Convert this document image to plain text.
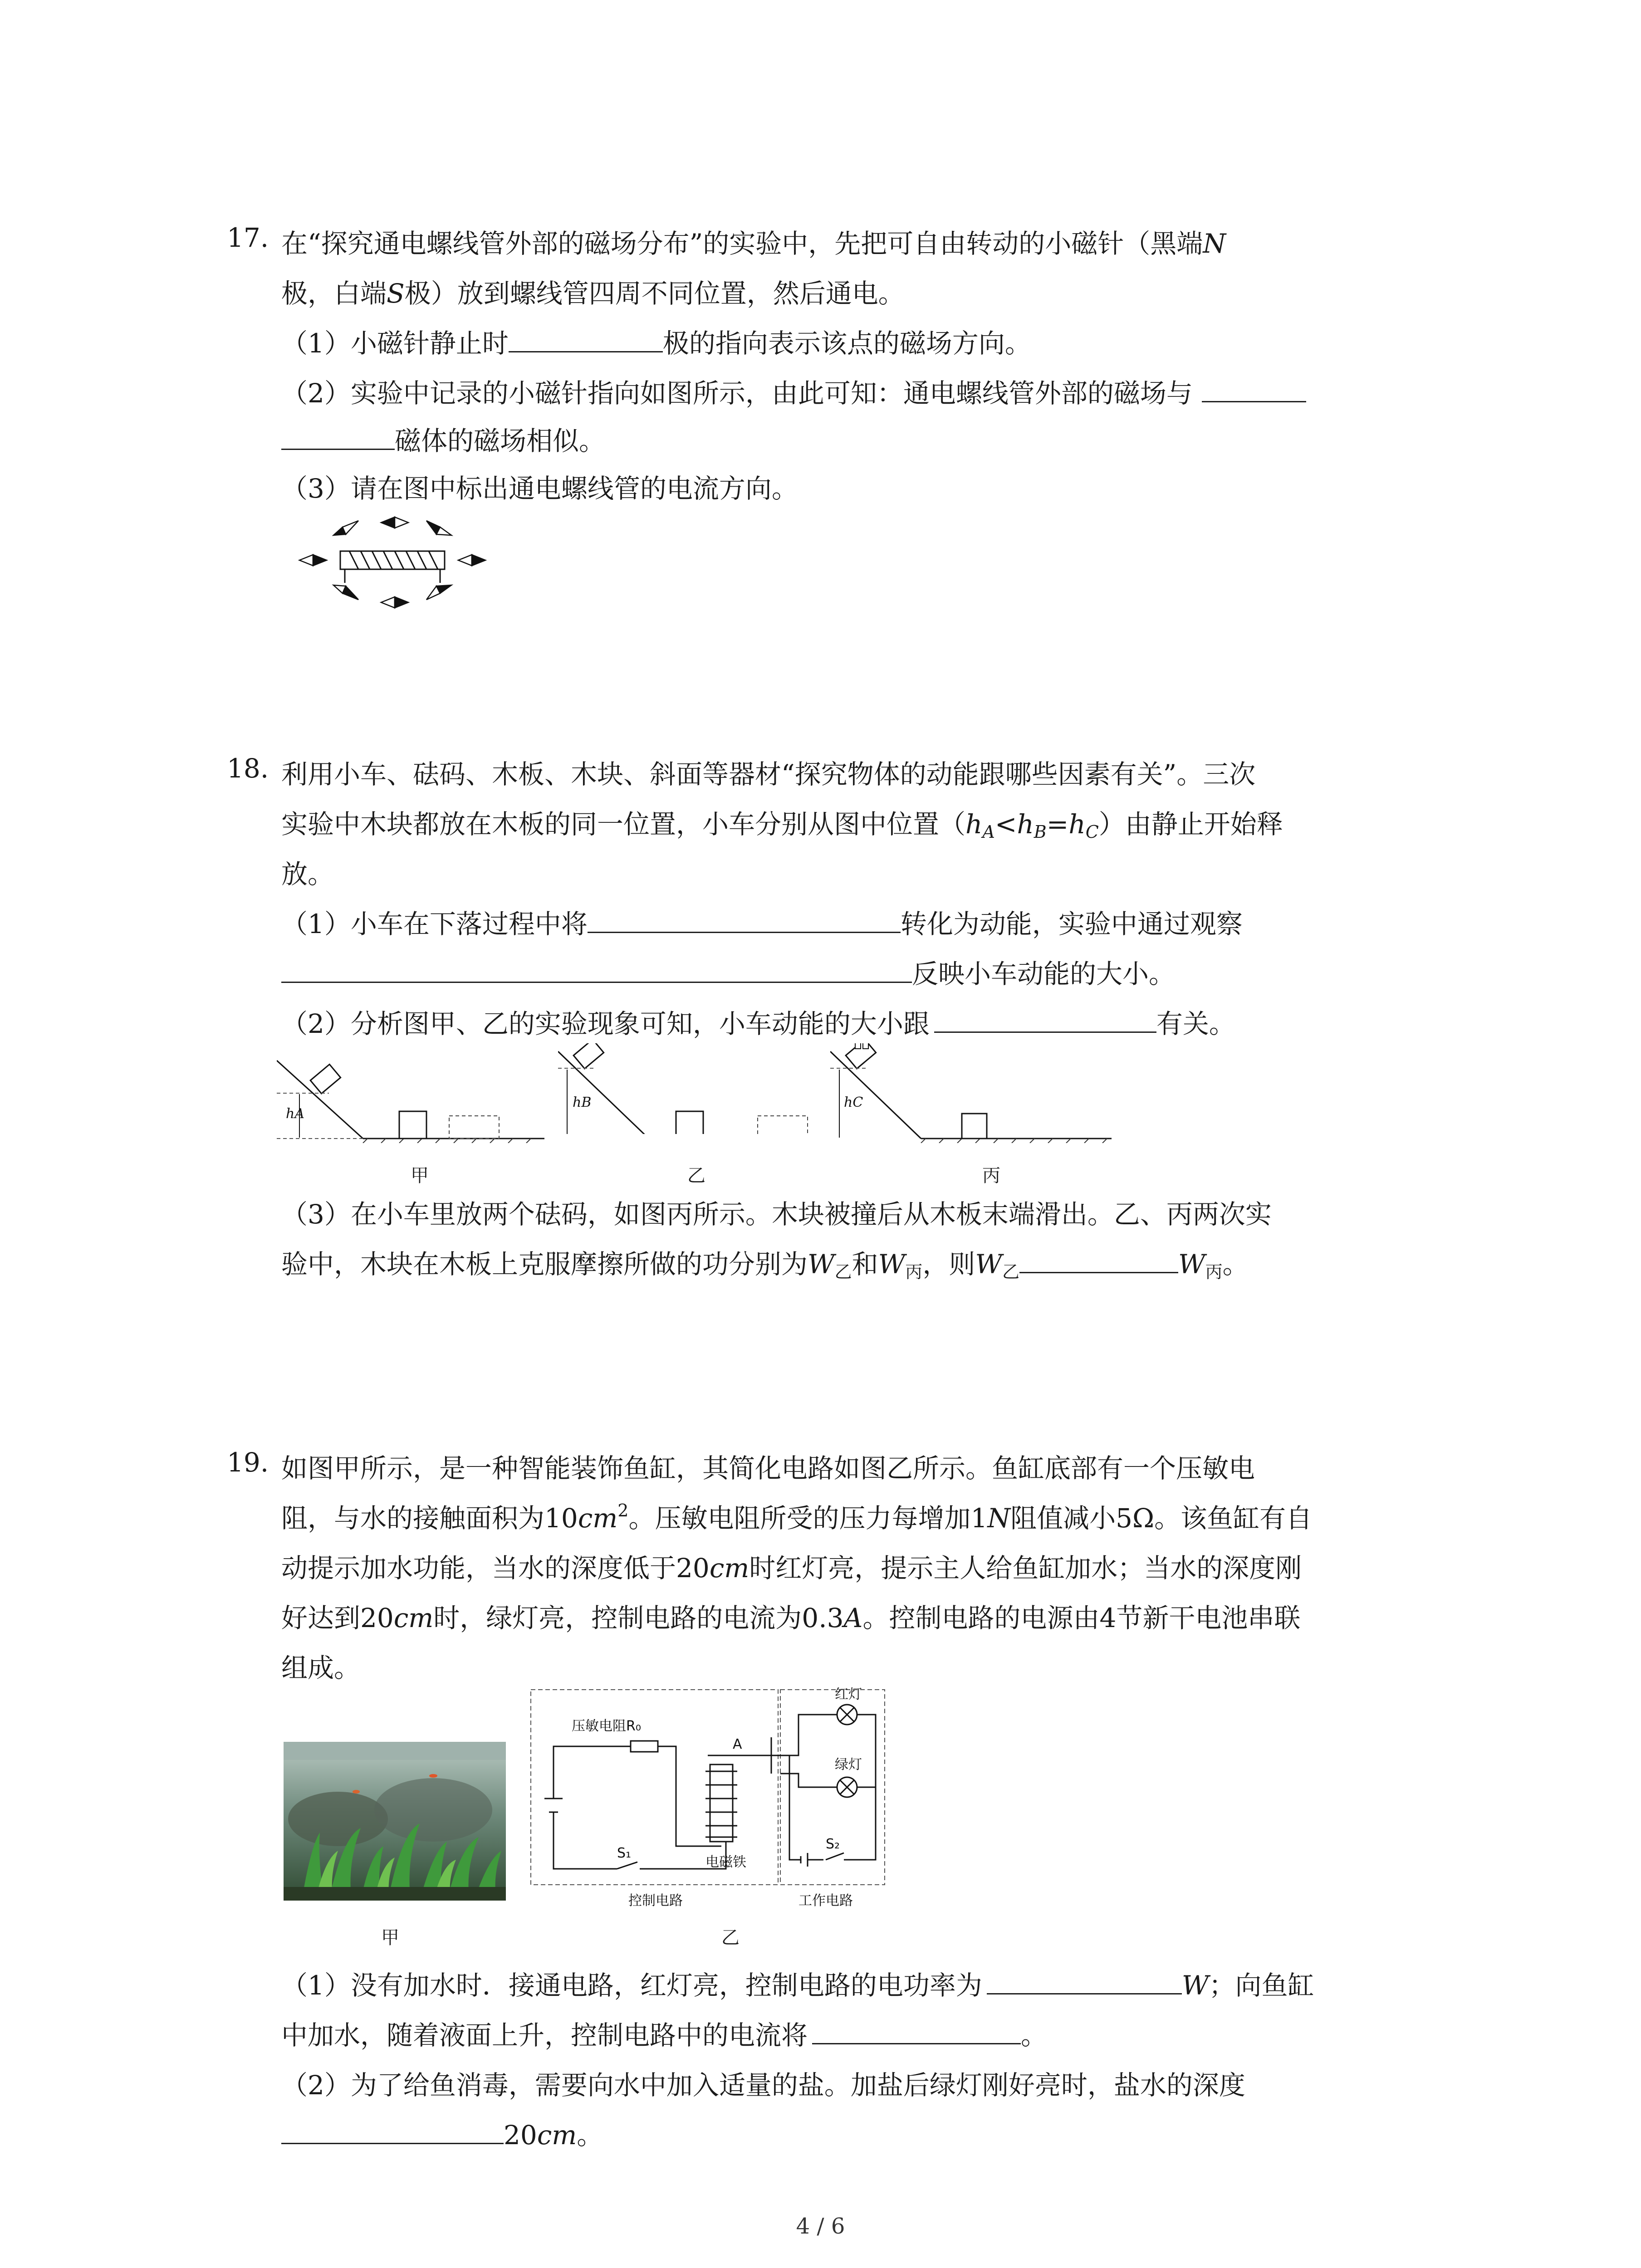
17. 在“探究通电螺线管外部的磁场分布”的实验中，先把可自由转动的小磁针（黑端N
极，白端S极）放到螺线管四周不同位置，然后通电。
（1）小磁针静止时	极的指向表示该点的磁场方向。
（2）实验中记录的小磁针指向如图所示，由此可知：通电螺线管外部的磁场与
磁体的磁场相似。
（3）请在图中标出通电螺线管的电流方向。
18. 利用小车、砝码、木板、木块、斜面等器材“探究物体的动能跟哪些因素有关”。三次
实验中木块都放在木板的同一位置，小车分别从图中位置$(h_A<h_B=h_C)$由静止开始释
放。
（1）小车在下落过程中将	转化为动能，实验中通过观察
反映小车动能的大小。
（2）分析图甲、乙的实验现象可知，小车动能的大小跟	有关。
hA
hB	hC
甲	乙	丙
（3）在小车里放两个砝码，如图丙所示。木块被撞后从木板末端滑出。乙、丙两次实
验中，木块在木板上克服摩擦所做的功分别为$W_乙$和$W_丙$，则$W_乙$	$W_丙$。
19. 如图甲所示，是一种智能装饰鱼缸，其简化电路如图乙所示。鱼缸底部有一个压敏电
阻，与水的接触面积为$10cm^2$。压敏电阻所受的压力每增加1N阻值减小5Ω。该鱼缸有自
动提示加水功能，当水的深度低于20cm时红灯亮，提示主人给鱼缸加水；当水的深度刚
好达到20cm时，绿灯亮，控制电路的电流为0.3A。控制电路的电源由4节新干电池串联
组成。
压敏电阻R₀
A
红灯
绿灯
S₁
S₂
电磁铁
控制电路	工作电路
甲	乙
（1）没有加水时．接通电路，红灯亮，控制电路的电功率为	W；向鱼缸
中加水，随着液面上升，控制电路中的电流将	。
（2）为了给鱼消毒，需要向水中加入适量的盐。加盐后绿灯刚好亮时，盐水的深度
20cm。
4 / 6
